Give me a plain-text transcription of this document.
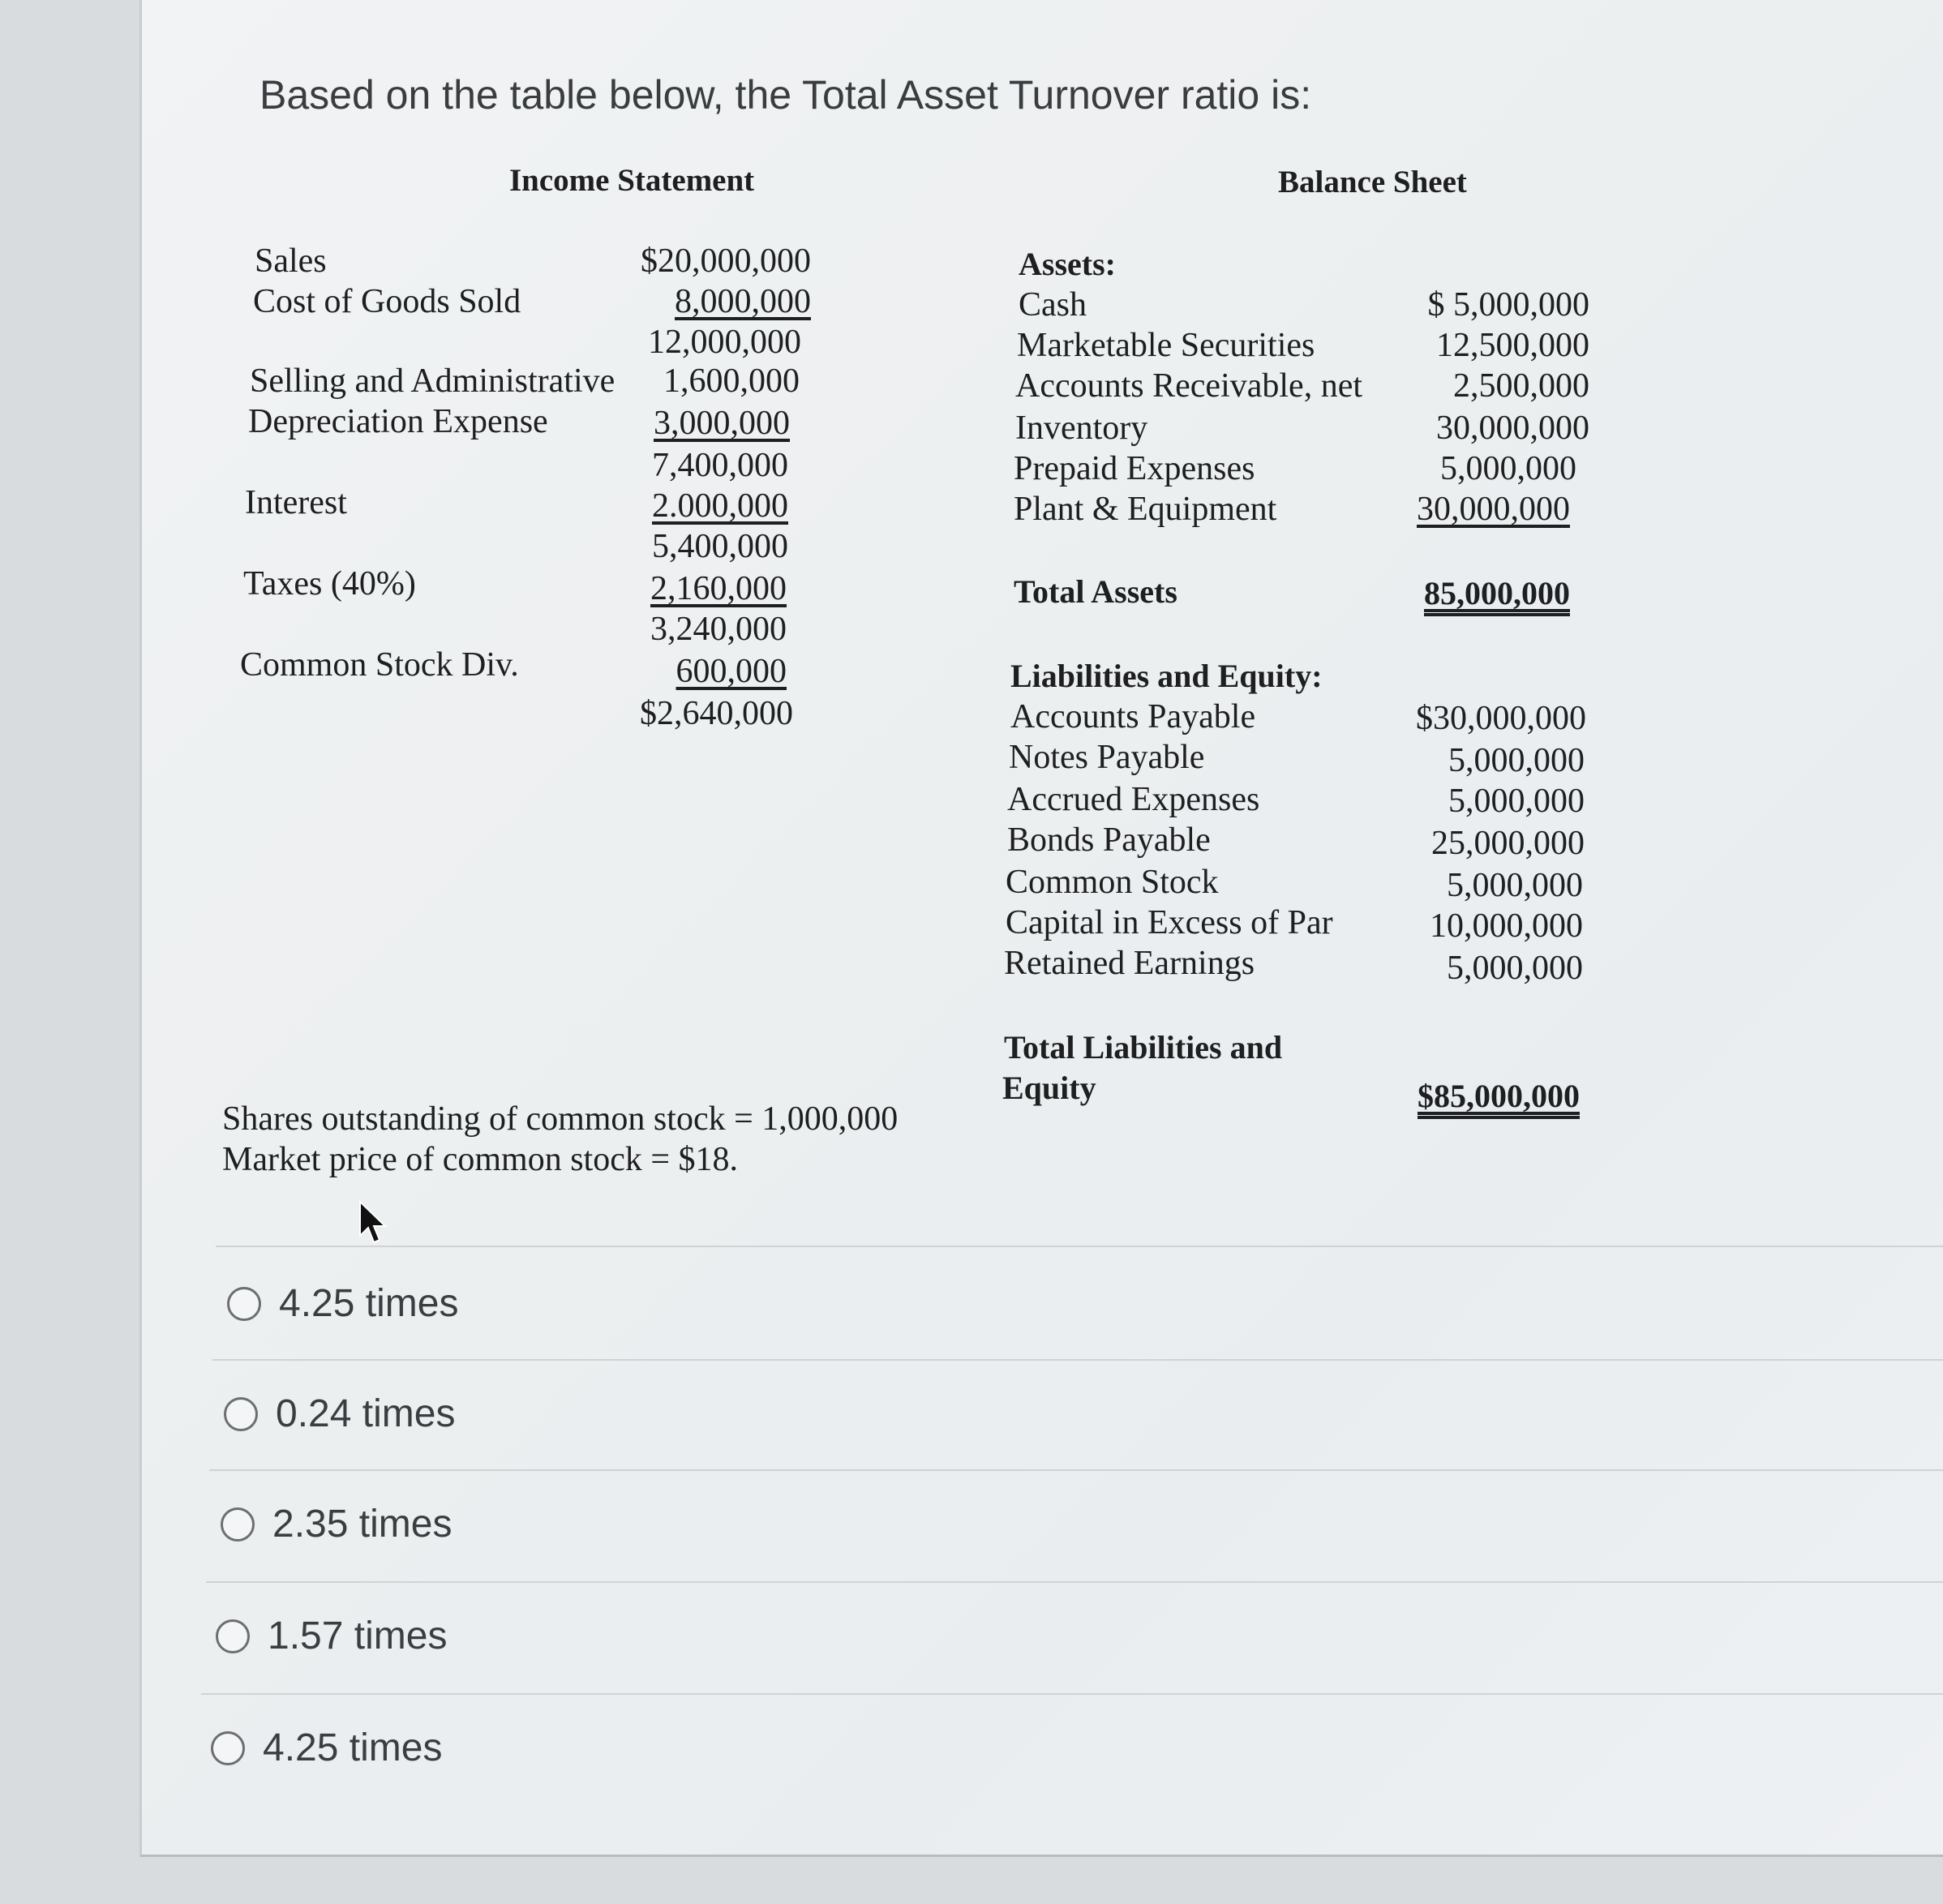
Based on the table below, the Total Asset Turnover ratio is:
Income Statement
Sales	$20,000,000
Cost of Goods Sold	8,000,000
12,000,000
Selling and Administrative	1,600,000
Depreciation Expense	3,000,000
7,400,000
Interest	2.000,000
5,400,000
Taxes (40%)	2,160,000
3,240,000
Common Stock Div.	600,000
$2,640,000
Balance Sheet
Assets:
Cash	$ 5,000,000
Marketable Securities	12,500,000
Accounts Receivable, net	2,500,000
Inventory	30,000,000
Prepaid Expenses	5,000,000
Plant & Equipment	30,000,000
Total Assets	85,000,000
Liabilities and Equity:
Accounts Payable	$30,000,000
Notes Payable	5,000,000
Accrued Expenses	5,000,000
Bonds Payable	25,000,000
Common Stock	5,000,000
Capital in Excess of Par	10,000,000
Retained Earnings	5,000,000
Total Liabilities and
Equity	$85,000,000
Shares outstanding of common stock = 1,000,000
Market price of common stock = $18.
4.25 times
0.24 times
2.35 times
1.57 times
4.25 times
